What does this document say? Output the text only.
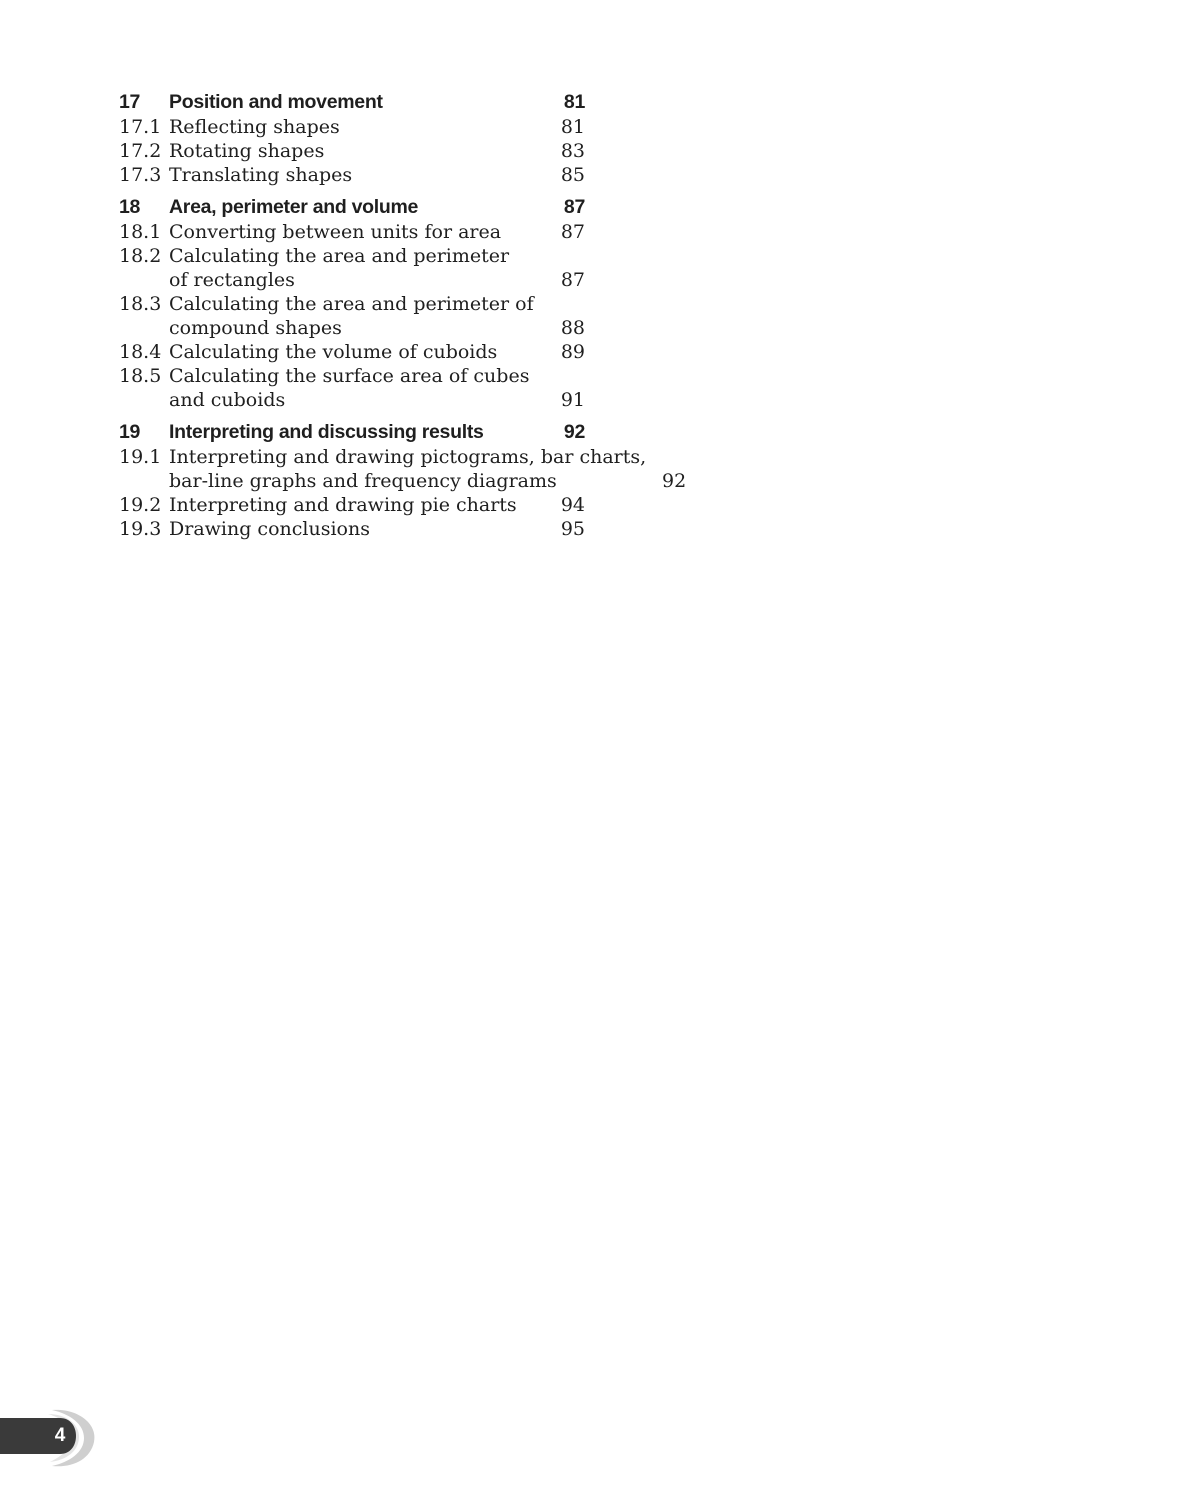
17	Position and movement	81
17.1 Reflecting shapes	81
17.2 Rotating shapes	83
17.3 Translating shapes	85
18	Area, perimeter and volume	87
18.1 Converting between units for area	87
18.2 Calculating the area and perimeter
of rectangles	87
18.3 Calculating the area and perimeter of
compound shapes	88
18.4 Calculating the volume of cuboids	89
18.5 Calculating the surface area of cubes
and cuboids	91
19	Interpreting and discussing results	92
19.1 Interpreting and drawing pictograms, bar charts,
bar-line graphs and frequency diagrams	92
19.2 Interpreting and drawing pie charts	94
19.3 Drawing conclusions	95
4
